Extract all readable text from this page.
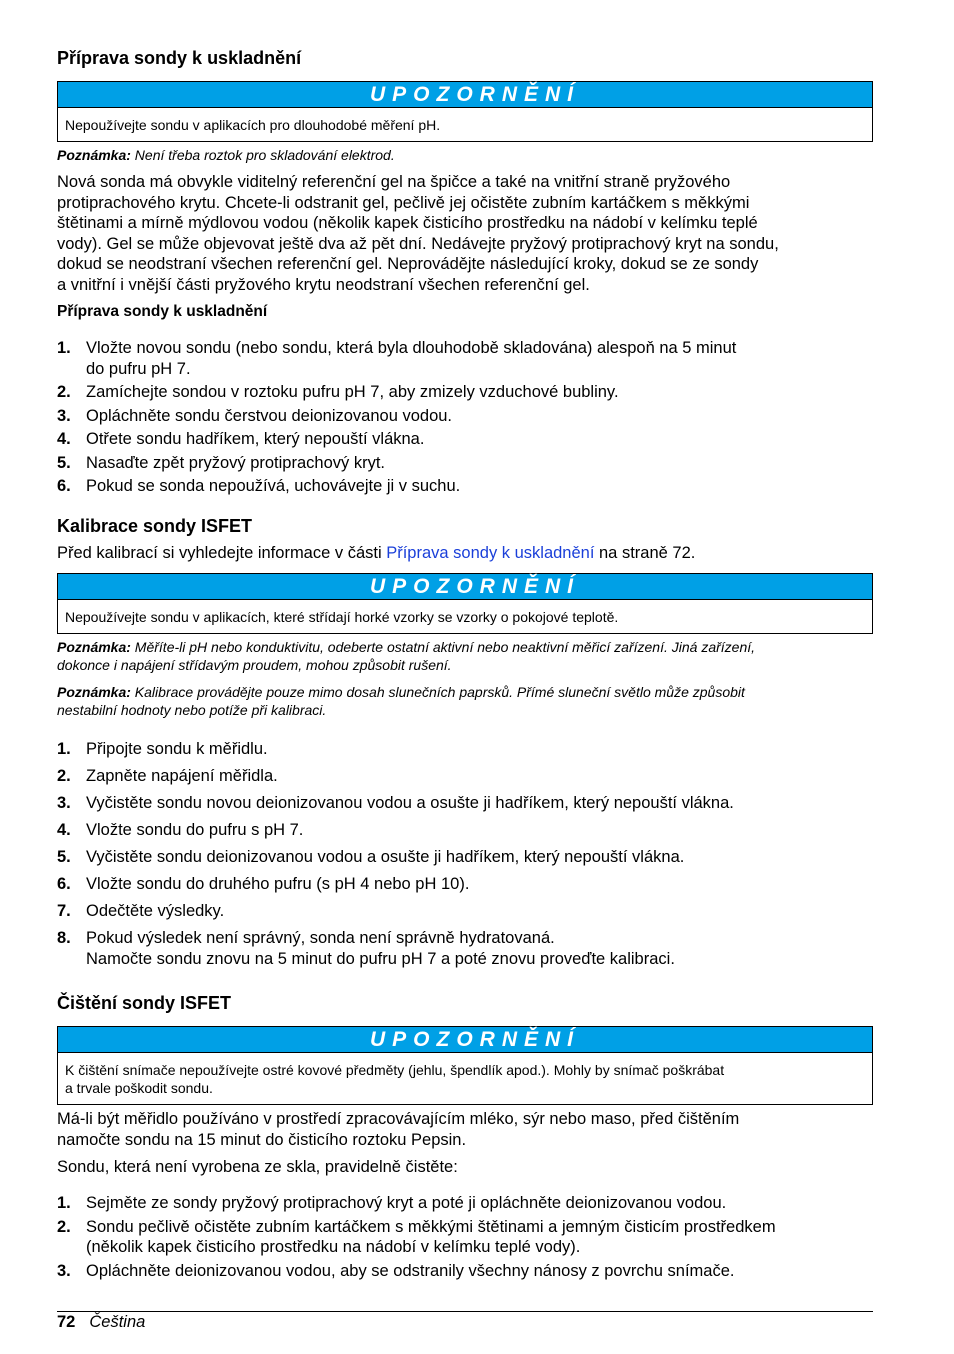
Příprava sondy k uskladnění
UPOZORNĚNÍ
Nepoužívejte sondu v aplikacích pro dlouhodobé měření pH.
Poznámka: Není třeba roztok pro skladování elektrod.
Nová sonda má obvykle viditelný referenční gel na špičce a také na vnitřní straně pryžového
protiprachového krytu. Chcete-li odstranit gel, pečlivě jej očistěte zubním kartáčkem s měkkými
štětinami a mírně mýdlovou vodou (několik kapek čisticího prostředku na nádobí v kelímku teplé
vody). Gel se může objevovat ještě dva až pět dní. Nedávejte pryžový protiprachový kryt na sondu,
dokud se neodstraní všechen referenční gel. Neprovádějte následující kroky, dokud se ze sondy
a vnitřní i vnější části pryžového krytu neodstraní všechen referenční gel.
Příprava sondy k uskladnění
1. Vložte novou sondu (nebo sondu, která byla dlouhodobě skladována) alespoň na 5 minut
do pufru pH 7.
2. Zamíchejte sondou v roztoku pufru pH 7, aby zmizely vzduchové bubliny.
3. Opláchněte sondu čerstvou deionizovanou vodou.
4. Otřete sondu hadříkem, který nepouští vlákna.
5. Nasaďte zpět pryžový protiprachový kryt.
6. Pokud se sonda nepoužívá, uchovávejte ji v suchu.
Kalibrace sondy ISFET
Před kalibrací si vyhledejte informace v části Příprava sondy k uskladnění na straně 72.
UPOZORNĚNÍ
Nepoužívejte sondu v aplikacích, které střídají horké vzorky se vzorky o pokojové teplotě.
Poznámka: Měříte-li pH nebo konduktivitu, odeberte ostatní aktivní nebo neaktivní měřicí zařízení. Jiná zařízení,
dokonce i napájení střídavým proudem, mohou způsobit rušení.
Poznámka: Kalibrace provádějte pouze mimo dosah slunečních paprsků. Přímé sluneční světlo může způsobit
nestabilní hodnoty nebo potíže při kalibraci.
1. Připojte sondu k měřidlu.
2. Zapněte napájení měřidla.
3. Vyčistěte sondu novou deionizovanou vodou a osušte ji hadříkem, který nepouští vlákna.
4. Vložte sondu do pufru s pH 7.
5. Vyčistěte sondu deionizovanou vodou a osušte ji hadříkem, který nepouští vlákna.
6. Vložte sondu do druhého pufru (s pH 4 nebo pH 10).
7. Odečtěte výsledky.
8. Pokud výsledek není správný, sonda není správně hydratovaná.
Namočte sondu znovu na 5 minut do pufru pH 7 a poté znovu proveďte kalibraci.
Čištění sondy ISFET
UPOZORNĚNÍ
K čištění snímače nepoužívejte ostré kovové předměty (jehlu, špendlík apod.). Mohly by snímač poškrábat
a trvale poškodit sondu.
Má-li být měřidlo používáno v prostředí zpracovávajícím mléko, sýr nebo maso, před čištěním
namočte sondu na 15 minut do čisticího roztoku Pepsin.
Sondu, která není vyrobena ze skla, pravidelně čistěte:
1. Sejměte ze sondy pryžový protiprachový kryt a poté ji opláchněte deionizovanou vodou.
2. Sondu pečlivě očistěte zubním kartáčkem s měkkými štětinami a jemným čisticím prostředkem
(několik kapek čisticího prostředku na nádobí v kelímku teplé vody).
3. Opláchněte deionizovanou vodou, aby se odstranily všechny nánosy z povrchu snímače.
72 Čeština
